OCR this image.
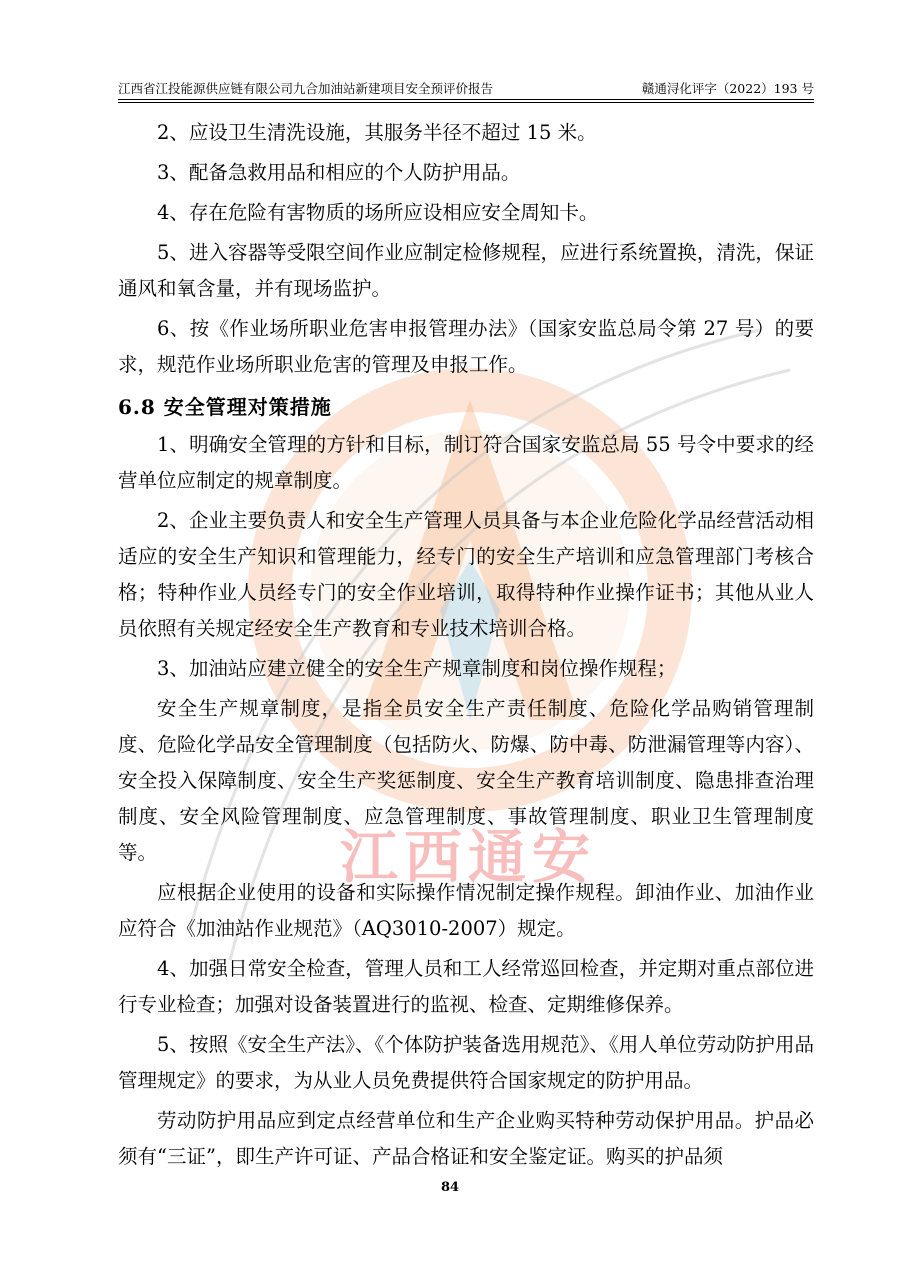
江西通安
江西省江投能源供应链有限公司九合加油站新建项目安全预评价报告	赣通浔化评字（2022）193 号

2、应设卫生清洗设施，其服务半径不超过 15 米。

3、配备急救用品和相应的个人防护用品。

4、存在危险有害物质的场所应设相应安全周知卡。

5、进入容器等受限空间作业应制定检修规程，应进行系统置换，清洗，保证通风和氧含量，并有现场监护。

6、按《作业场所职业危害申报管理办法》（国家安监总局令第 27 号）的要求，规范作业场所职业危害的管理及申报工作。

6.8 安全管理对策措施

1、明确安全管理的方针和目标，制订符合国家安监总局 55 号令中要求的经营单位应制定的规章制度。

2、企业主要负责人和安全生产管理人员具备与本企业危险化学品经营活动相适应的安全生产知识和管理能力，经专门的安全生产培训和应急管理部门考核合格；特种作业人员经专门的安全作业培训，取得特种作业操作证书；其他从业人员依照有关规定经安全生产教育和专业技术培训合格。

3、加油站应建立健全的安全生产规章制度和岗位操作规程；

安全生产规章制度，是指全员安全生产责任制度、危险化学品购销管理制度、危险化学品安全管理制度（包括防火、防爆、防中毒、防泄漏管理等内容）、安全投入保障制度、安全生产奖惩制度、安全生产教育培训制度、隐患排查治理制度、安全风险管理制度、应急管理制度、事故管理制度、职业卫生管理制度等。

应根据企业使用的设备和实际操作情况制定操作规程。卸油作业、加油作业应符合《加油站作业规范》（AQ3010-2007）规定。

4、加强日常安全检查，管理人员和工人经常巡回检查，并定期对重点部位进行专业检查；加强对设备装置进行的监视、检查、定期维修保养。

5、按照《安全生产法》、《个体防护装备选用规范》、《用人单位劳动防护用品管理规定》的要求，为从业人员免费提供符合国家规定的防护用品。

劳动防护用品应到定点经营单位和生产企业购买特种劳动保护用品。护品必须有“三证”，即生产许可证、产品合格证和安全鉴定证。购买的护品须

84
